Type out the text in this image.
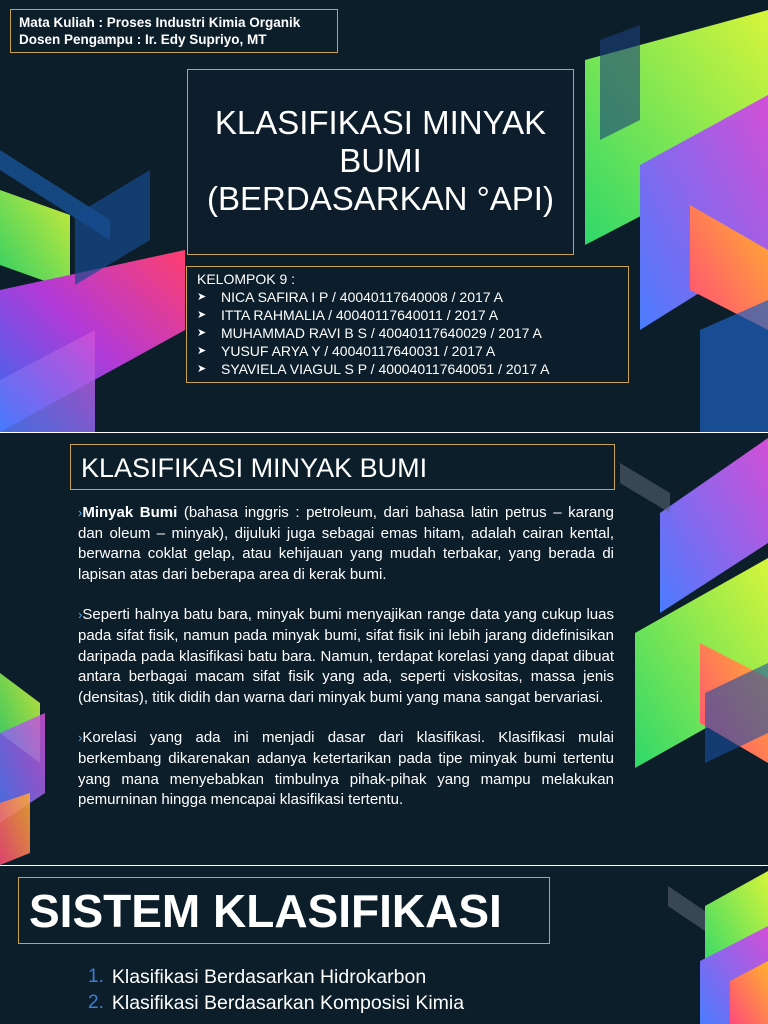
Mata Kuliah : Proses Industri Kimia Organik
Dosen Pengampu : Ir. Edy Supriyo, MT
KLASIFIKASI MINYAK
BUMI
(BERDASARKAN °API)
KELOMPOK 9 :
➤	NICA SAFIRA I P / 40040117640008 / 2017 A
➤	ITTA RAHMALIA / 40040117640011 / 2017 A
➤	MUHAMMAD RAVI B S / 40040117640029 / 2017 A
➤	YUSUF ARYA Y / 40040117640031 / 2017 A
➤	SYAVIELA VIAGUL S P / 400040117640051 / 2017 A
KLASIFIKASI MINYAK BUMI

›Minyak Bumi (bahasa inggris : petroleum, dari bahasa latin petrus – karang dan oleum – minyak), dijuluki juga sebagai emas hitam, adalah cairan kental, berwarna coklat gelap, atau kehijauan yang mudah terbakar, yang berada di lapisan atas dari beberapa area di kerak bumi.

›Seperti halnya batu bara, minyak bumi menyajikan range data yang cukup luas pada sifat fisik, namun pada minyak bumi, sifat fisik ini lebih jarang didefinisikan daripada pada klasifikasi batu bara. Namun, terdapat korelasi yang dapat dibuat antara berbagai macam sifat fisik yang ada, seperti viskositas, massa jenis (densitas), titik didih dan warna dari minyak bumi yang mana sangat bervariasi.

›Korelasi yang ada ini menjadi dasar dari klasifikasi. Klasifikasi mulai berkembang dikarenakan adanya ketertarikan pada tipe minyak bumi tertentu yang mana menyebabkan timbulnya pihak-pihak yang mampu melakukan pemurninan hingga mencapai klasifikasi tertentu.

SISTEM KLASIFIKASI
1. Klasifikasi Berdasarkan Hidrokarbon
2. Klasifikasi Berdasarkan Komposisi Kimia
